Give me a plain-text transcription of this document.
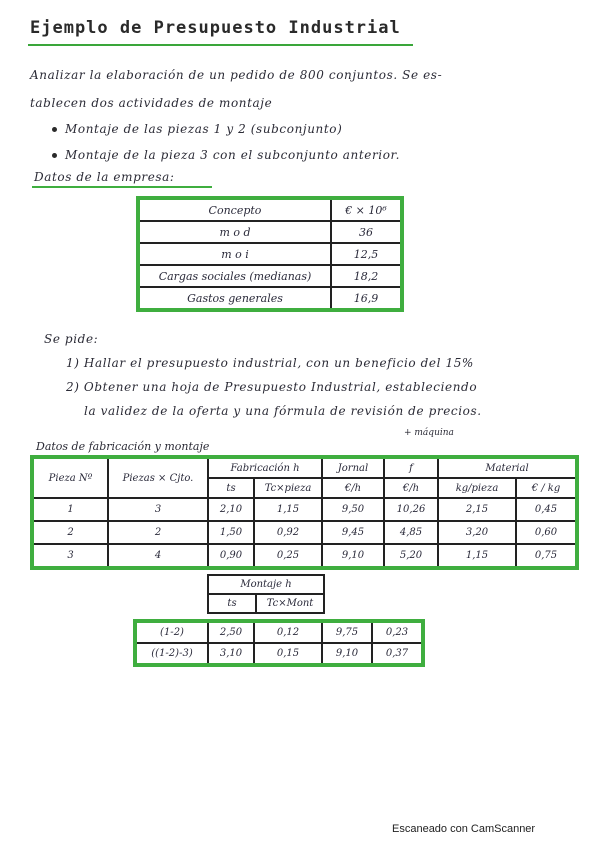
Ejemplo de Presupuesto Industrial
Analizar la elaboración de un pedido de 800 conjuntos. Se es-
tablecen dos actividades de montaje
Montaje de las piezas 1 y 2 (subconjunto)
Montaje de la pieza 3 con el subconjunto anterior.
Datos de la empresa:
Concepto	€ × 10⁶
m o d	36
m o i	12,5
Cargas sociales (medianas)	18,2
Gastos generales	16,9
Se pide:
1) Hallar el presupuesto industrial, con un beneficio del 15%
2) Obtener una hoja de Presupuesto Industrial, estableciendo
la validez de la oferta y una fórmula de revisión de precios.
Datos de fabricación y montaje
+ máquina
Pieza Nº	Piezas × Cjto.	Fabricación h		Jornal	f	Material	
		ts	Tc×pieza	€/h	€/h	kg/pieza	€ / kg
1	3	2,10	1,15	9,50	10,26	2,15	0,45
2	2	1,50	0,92	9,45	4,85	3,20	0,60
3	4	0,90	0,25	9,10	5,20	1,15	0,75
Montaje h
ts	Tc×Mont
(1-2)	2,50	0,12	9,75	0,23
((1-2)-3)	3,10	0,15	9,10	0,37
Escaneado con CamScanner
